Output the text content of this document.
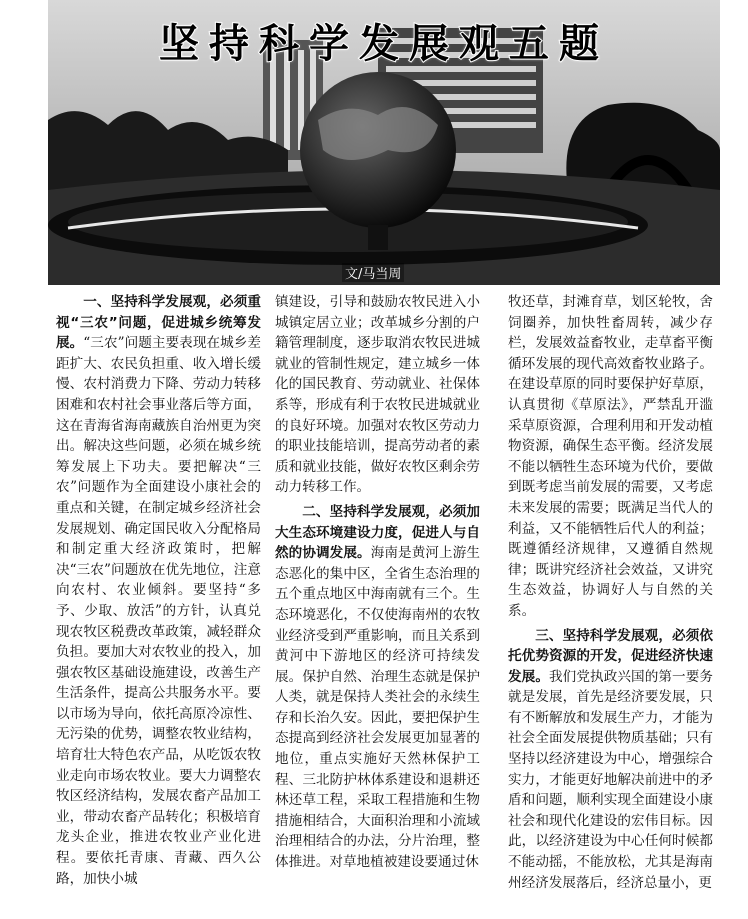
坚持科学发展观五题
文/马当周

一、坚持科学发展观，必须重视“三农”问题，促进城乡统筹发展。“三农”问题主要表现在城乡差距扩大、农民负担重、收入增长缓慢、农村消费力下降、劳动力转移困难和农村社会事业落后等方面，这在青海省海南藏族自治州更为突出。解决这些问题，必须在城乡统筹发展上下功夫。要把解决“三农”问题作为全面建设小康社会的重点和关键，在制定城乡经济社会发展规划、确定国民收入分配格局和制定重大经济政策时，把解决“三农”问题放在优先地位，注意向农村、农业倾斜。要坚持“多予、少取、放活”的方针，认真兑现农牧区税费改革政策，减轻群众负担。要加大对农牧业的投入，加强农牧区基础设施建设，改善生产生活条件，提高公共服务水平。要以市场为导向，依托高原冷凉性、无污染的优势，调整农牧业结构，培育壮大特色农产品，从吃饭农牧业走向市场农牧业。要大力调整农牧区经济结构，发展农畜产品加工业，带动农畜产品转化；积极培育龙头企业，推进农牧业产业化进程。要依托青康、青藏、西久公路，加快小城

镇建设，引导和鼓励农牧民进入小城镇定居立业；改革城乡分割的户籍管理制度，逐步取消农牧民进城就业的管制性规定，建立城乡一体化的国民教育、劳动就业、社保体系等，形成有利于农牧民进城就业的良好环境。加强对农牧区劳动力的职业技能培训，提高劳动者的素质和就业技能，做好农牧区剩余劳动力转移工作。

二、坚持科学发展观，必须加大生态环境建设力度，促进人与自然的协调发展。海南是黄河上游生态恶化的集中区，全省生态治理的五个重点地区中海南就有三个。生态环境恶化，不仅使海南州的农牧业经济受到严重影响，而且关系到黄河中下游地区的经济可持续发展。保护自然、治理生态就是保护人类，就是保持人类社会的永续生存和长治久安。因此，要把保护生态提高到经济社会发展更加显著的地位，重点实施好天然林保护工程、三北防护林体系建设和退耕还林还草工程，采取工程措施和生物措施相结合，大面积治理和小流域治理相结合的办法，分片治理，整体推进。对草地植被建设要通过休

牧还草，封滩育草，划区轮牧，舍饲圈养，加快牲畜周转，减少存栏，发展效益畜牧业，走草畜平衡循环发展的现代高效畜牧业路子。在建设草原的同时要保护好草原，认真贯彻《草原法》，严禁乱开滥采草原资源，合理利用和开发动植物资源，确保生态平衡。经济发展不能以牺牲生态环境为代价，要做到既考虑当前发展的需要，又考虑未来发展的需要；既满足当代人的利益，又不能牺牲后代人的利益；既遵循经济规律，又遵循自然规律；既讲究经济社会效益，又讲究生态效益，协调好人与自然的关系。

三、坚持科学发展观，必须依托优势资源的开发，促进经济快速发展。我们党执政兴国的第一要务就是发展，首先是经济要发展，只有不断解放和发展生产力，才能为社会全面发展提供物质基础；只有坚持以经济建设为中心，增强综合实力，才能更好地解决前进中的矛盾和问题，顺利实现全面建设小康社会和现代化建设的宏伟目标。因此，以经济建设为中心任何时候都不能动摇，不能放松，尤其是海南州经济发展落后，经济总量小，更
